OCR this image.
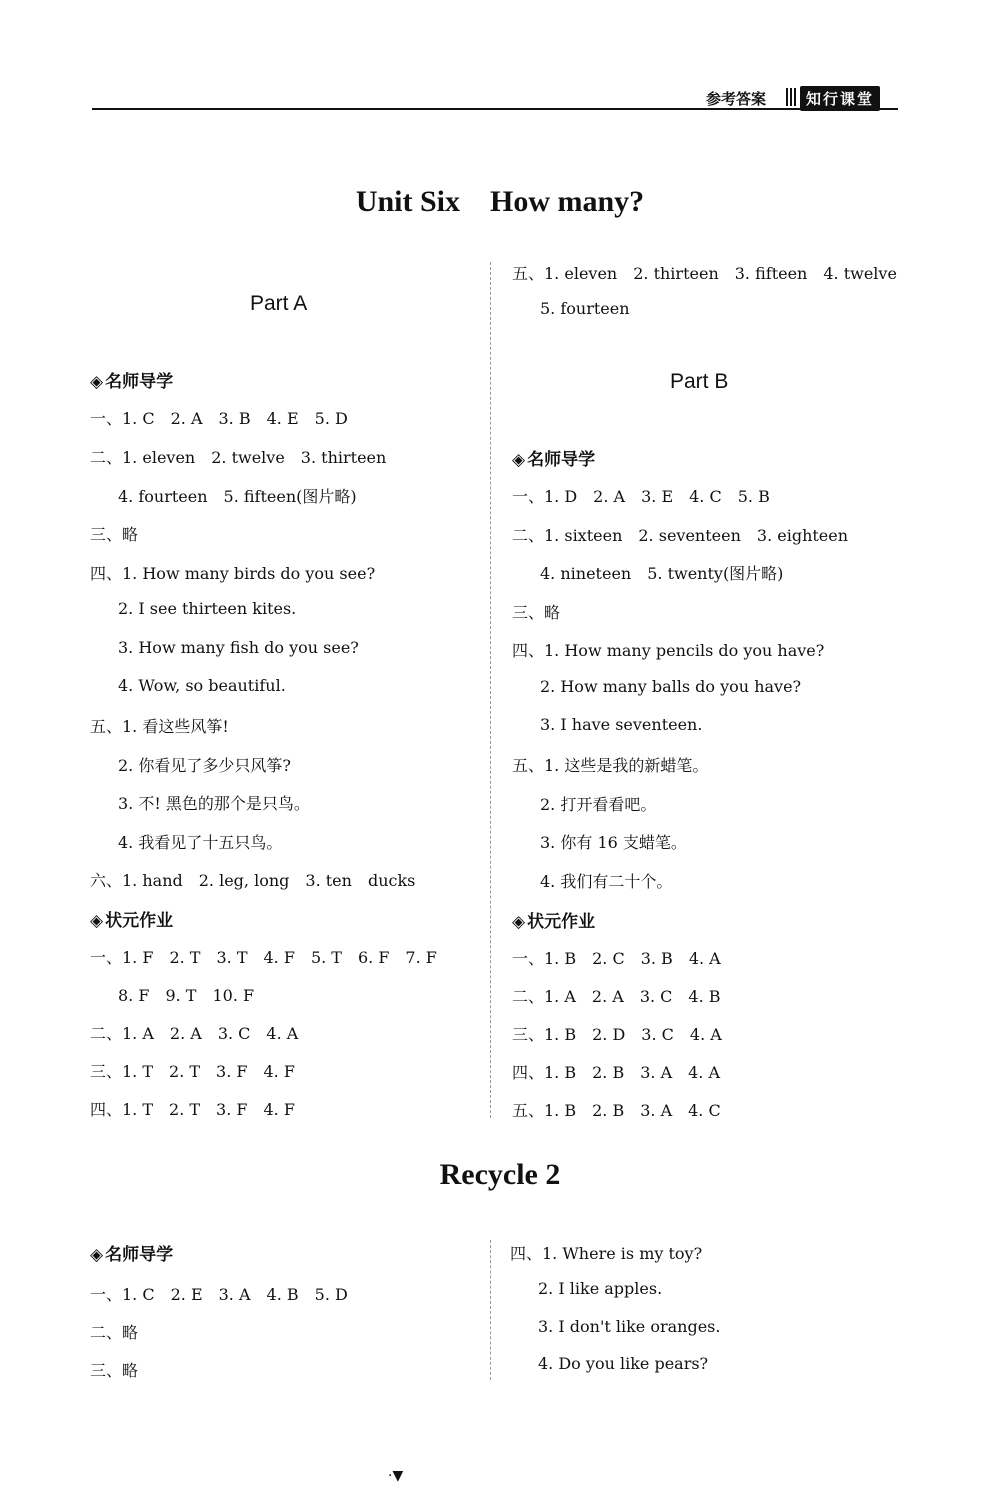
参考答案	知行课堂
Unit Six　How many?
Part A
◈ 名师导学
一、1. C　2. A　3. B　4. E　5. D
二、1. eleven　2. twelve　3. thirteen
4. fourteen　5. fifteen(图片略)
三、略
四、1. How many birds do you see?
2. I see thirteen kites.
3. How many fish do you see?
4. Wow, so beautiful.
五、1. 看这些风筝!
2. 你看见了多少只风筝?
3. 不! 黑色的那个是只鸟。
4. 我看见了十五只鸟。
六、1. hand　2. leg, long　3. ten　ducks
◈ 状元作业
一、1. F　2. T　3. T　4. F　5. T　6. F　7. F
8. F　9. T　10. F
二、1. A　2. A　3. C　4. A
三、1. T　2. T　3. F　4. F
四、1. T　2. T　3. F　4. F
五、1. eleven　2. thirteen　3. fifteen　4. twelve
5. fourteen
Part B
◈ 名师导学
一、1. D　2. A　3. E　4. C　5. B
二、1. sixteen　2. seventeen　3. eighteen
4. nineteen　5. twenty(图片略)
三、略
四、1. How many pencils do you have?
2. How many balls do you have?
3. I have seventeen.
五、1. 这些是我的新蜡笔。
2. 打开看看吧。
3. 你有 16 支蜡笔。
4. 我们有二十个。
◈ 状元作业
一、1. B　2. C　3. B　4. A
二、1. A　2. A　3. C　4. B
三、1. B　2. D　3. C　4. A
四、1. B　2. B　3. A　4. A
五、1. B　2. B　3. A　4. C
Recycle 2
◈ 名师导学
一、1. C　2. E　3. A　4. B　5. D
二、略
三、略
四、1. Where is my toy?
2. I like apples.
3. I don't like oranges.
4. Do you like pears?
·▼
